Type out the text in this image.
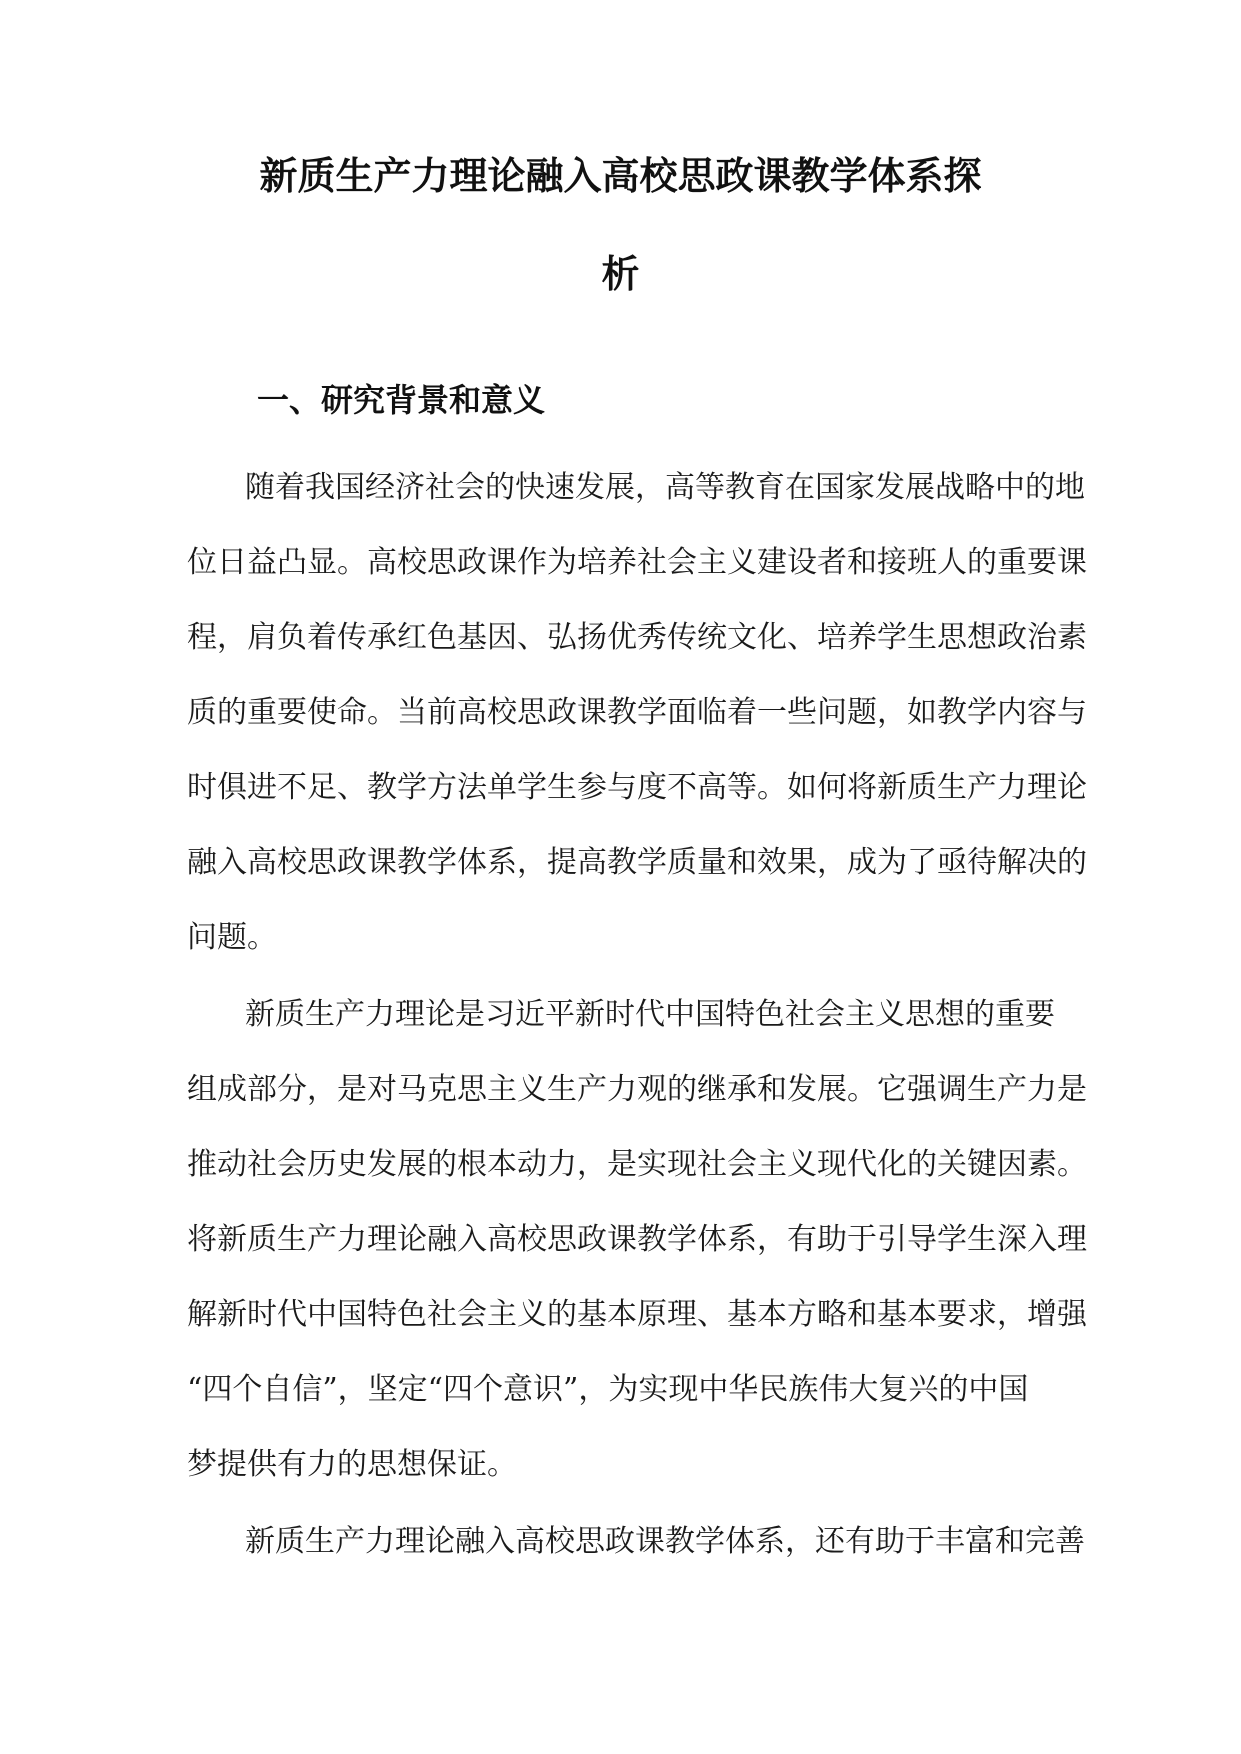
新质生产力理论融入高校思政课教学体系探
析
一、研究背景和意义
随着我国经济社会的快速发展，高等教育在国家发展战略中的地
位日益凸显。高校思政课作为培养社会主义建设者和接班人的重要课
程，肩负着传承红色基因、弘扬优秀传统文化、培养学生思想政治素
质的重要使命。当前高校思政课教学面临着一些问题，如教学内容与
时俱进不足、教学方法单学生参与度不高等。如何将新质生产力理论
融入高校思政课教学体系，提高教学质量和效果，成为了亟待解决的
问题。
新质生产力理论是习近平新时代中国特色社会主义思想的重要
组成部分，是对马克思主义生产力观的继承和发展。它强调生产力是
推动社会历史发展的根本动力，是实现社会主义现代化的关键因素。
将新质生产力理论融入高校思政课教学体系，有助于引导学生深入理
解新时代中国特色社会主义的基本原理、基本方略和基本要求，增强
“四个自信”，坚定“四个意识”，为实现中华民族伟大复兴的中国
梦提供有力的思想保证。
新质生产力理论融入高校思政课教学体系，还有助于丰富和完善
